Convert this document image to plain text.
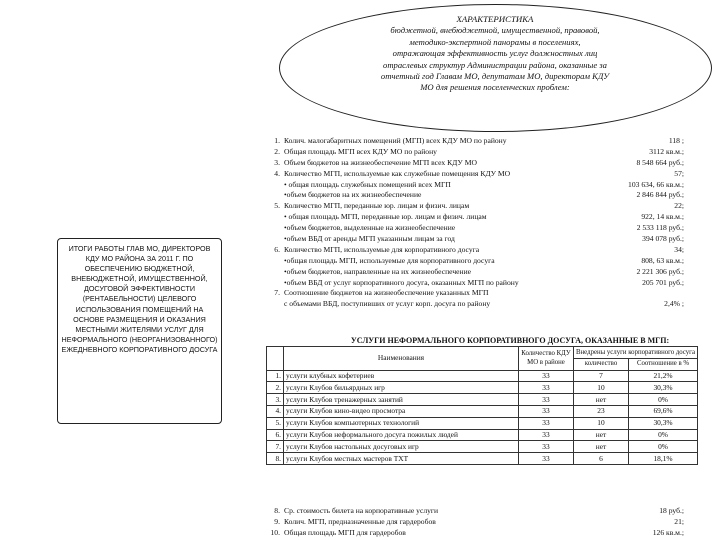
ХАРАКТЕРИСТИКА
бюджетной, внебюджетной, имущественной, правовой,
методико-экспертной панорамы в поселениях,
отражающая эффективность услуг должностных лиц
отраслевых структур Администрации района, оказанные за
отчетный год Главам МО, депутатам МО, директорам КДУ
МО для решения поселенческих проблем:
ИТОГИ РАБОТЫ ГЛАВ МО, ДИРЕКТОРОВ КДУ МО РАЙОНА ЗА 2011 Г. ПО ОБЕСПЕЧЕНИЮ БЮДЖЕТНОЙ, ВНЕБЮДЖЕТНОЙ, ИМУЩЕСТВЕННОЙ, ДОСУГОВОЙ ЭФФЕКТИВНОСТИ (РЕНТАБЕЛЬНОСТИ) ЦЕЛЕВОГО ИСПОЛЬЗОВАНИЯ ПОМЕЩЕНИЙ НА ОСНОВЕ РАЗМЕЩЕНИЯ И ОКАЗАНИЯ МЕСТНЫМИ ЖИТЕЛЯМИ УСЛУГ ДЛЯ НЕФОРМАЛЬНОГО (НЕОРГАНИЗОВАННОГО) ЕЖЕДНЕВНОГО КОРПОРАТИВНОГО ДОСУГА
1. Колич. малогабаритных помещений (МГП) всех КДУ МО по району	118 ;
2. Общая площадь МГП всех КДУ МО по району	3112 кв.м.;
3. Объем бюджетов на жизнеобеспечение МГП всех КДУ МО	8 548 664 руб.;
4. Количество МГП, используемые как служебные помещения КДУ МО	57;
• общая площадь служебных помещений всех МГП	103 634, 66 кв.м.;
•объем бюджетов на их жизнеобеспечение	2 846 844 руб.;
5. Количество МГП, переданные юр. лицам и физич. лицам	22;
• общая площадь МГП, переданные юр. лицам и физич. лицам	922, 14 кв.м.;
•объем бюджетов, выделенные на жизнеобеспечение	2 533 118 руб.;
•объем ВБД от аренды МГП указанным лицам за год	394 078 руб.;
6. Количество МГП, используемые для корпоративного досуга	34;
•общая площадь МГП, используемые для корпоративного досуга	808, 63 кв.м.;
•объем бюджетов, направленные на их жизнеобеспечение	2 221 306 руб.;
•объем ВБД от услуг корпоративного досуга, оказанных МГП по району	205 701 руб.;
7. Соотношение бюджетов на жизнеобеспечение указанных МГП
с объемами ВБД, поступивших от услуг корп. досуга по району	2,4% ;
УСЛУГИ НЕФОРМАЛЬНОГО КОРПОРАТИВНОГО ДОСУГА, ОКАЗАННЫЕ В МГП:
	Наименования	Количество КДУ МО в районе	Внедрены услуги корпоративного досуга	
			количество	Соотношение в %
1.	услуги клубных кофетериев	33	7	21,2%
2.	услуги Клубов бильярдных игр	33	10	30,3%
3.	услуги Клубов тренажерных занятий	33	нет	0%
4.	услуги Клубов кино-видео просмотра	33	23	69,6%
5.	услуги Клубов компьютерных технологий	33	10	30,3%
6.	услуги Клубов неформального досуга пожилых людей	33	нет	0%
7.	услуги Клубов настольных досуговых игр	33	нет	0%
8.	услуги Клубов местных мастеров ТХТ	33	6	18,1%
8. Ср. стоимость билета на корпоративные услуги	18 руб.;
9. Колич. МГП, предназначенные для гардеробов	21;
10. Общая площадь МГП для гардеробов	126 кв.м.;
